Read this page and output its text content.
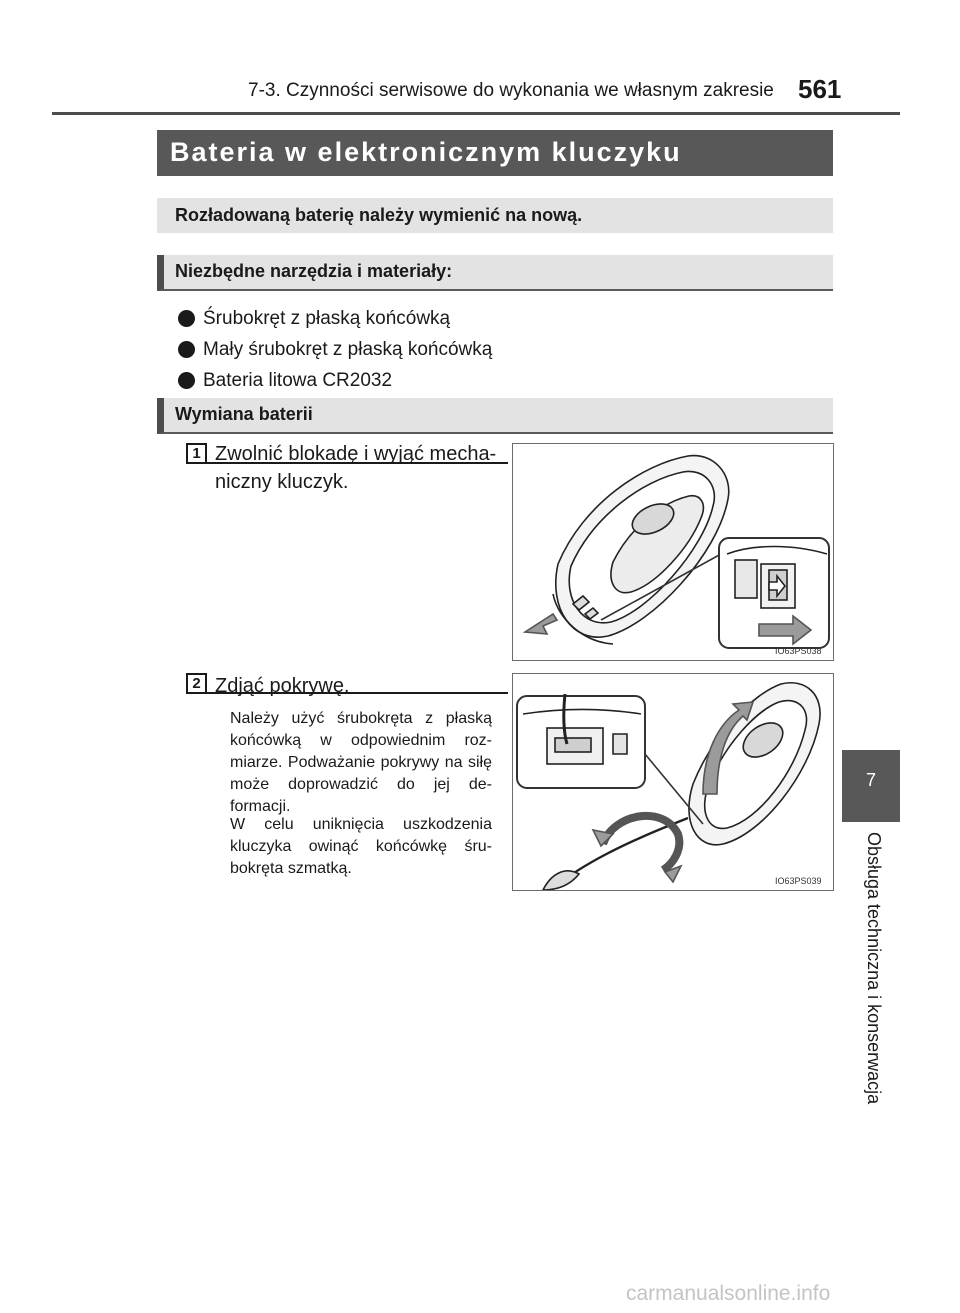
7-3. Czynności serwisowe do wykonania we własnym zakresie 561
Bateria w elektronicznym kluczyku
Rozładowaną baterię należy wymienić na nową.
Niezbędne narzędzia i materiały:
Śrubokręt z płaską końcówką
Mały śrubokręt z płaską końcówką
Bateria litowa CR2032
Wymiana baterii
1 Zwolnić blokadę i wyjąć mecha-
niczny kluczyk.
IO63PS038
2 Zdjąć pokrywę.
Należy użyć śrubokręta z płaską końcówką w odpowiednim roz-miarze. Podważanie pokrywy na siłę może doprowadzić do jej de-formacji.
W celu uniknięcia uszkodzenia kluczyka owinąć końcówkę śru-bokręta szmatką.
IO63PS039
7
Obsługa techniczna i konserwacja
carmanualsonline.info
